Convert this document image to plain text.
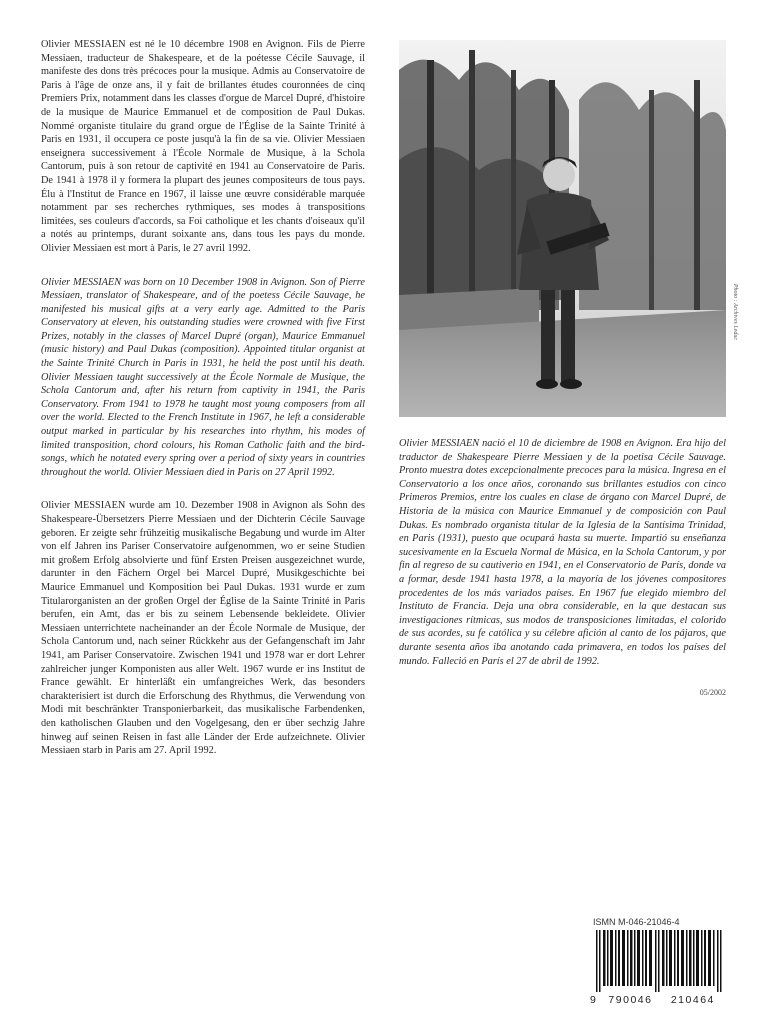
Olivier MESSIAEN est né le 10 décembre 1908 en Avignon. Fils de Pierre Messiaen, traducteur de Shakespeare, et de la poétesse Cécile Sauvage, il manifeste des dons très précoces pour la musique. Admis au Conservatoire de Paris à l'âge de onze ans, il y fait de brillantes études couronnées de cinq Premiers Prix, notamment dans les classes d'orgue de Marcel Dupré, d'histoire de la musique de Maurice Emmanuel et de composition de Paul Dukas. Nommé organiste titulaire du grand orgue de l'Église de la Sainte Trinité à Paris en 1931, il occupera ce poste jusqu'à la fin de sa vie. Olivier Messiaen enseignera successivement à l'École Normale de Musique, à la Schola Cantorum, puis à son retour de captivité en 1941 au Conservatoire de Paris. De 1941 à 1978 il y formera la plupart des jeunes compositeurs de tous pays. Élu à l'Institut de France en 1967, il laisse une œuvre considérable marquée notamment par ses recherches rythmiques, ses modes à transpositions limitées, ses couleurs d'accords, sa Foi catholique et les chants d'oiseaux qu'il a notés au printemps, durant soixante ans, dans tous les pays du monde. Olivier Messiaen est mort à Paris, le 27 avril 1992.

Olivier MESSIAEN was born on 10 December 1908 in Avignon. Son of Pierre Messiaen, translator of Shakespeare, and of the poetess Cécile Sauvage, he manifested his musical gifts at a very early age. Admitted to the Paris Conservatory at eleven, his outstanding studies were crowned with five First Prizes, notably in the classes of Marcel Dupré (organ), Maurice Emmanuel (music history) and Paul Dukas (composition). Appointed titular organist at the Sainte Trinité Church in Paris in 1931, he held the post until his death. Olivier Messiaen taught successively at the École Normale de Musique, the Schola Cantorum and, after his return from captivity in 1941, the Paris Conservatory. From 1941 to 1978 he taught most young composers from all over the world. Elected to the French Institute in 1967, he left a considerable output marked in particular by his researches into rhythm, his modes of limited transposition, chord colours, his Roman Catholic faith and the bird-songs, which he notated every spring over a period of sixty years in countries throughout the world. Olivier Messiaen died in Paris on 27 April 1992.

Olivier MESSIAEN wurde am 10. Dezember 1908 in Avignon als Sohn des Shakespeare-Übersetzers Pierre Messiaen und der Dichterin Cécile Sauvage geboren. Er zeigte sehr frühzeitig musikalische Begabung und wurde im Alter von elf Jahren ins Pariser Conservatoire aufgenommen, wo er seine Studien mit großem Erfolg absolvierte und fünf Ersten Preisen ausgezeichnet wurde, darunter in den Fächern Orgel bei Marcel Dupré, Musikgeschichte bei Maurice Emmanuel und Komposition bei Paul Dukas. 1931 wurde er zum Titularorganisten an der großen Orgel der Église de la Sainte Trinité in Paris berufen, ein Amt, das er bis zu seinem Lebensende bekleidete. Olivier Messiaen unterrichtete nacheinander an der École Normale de Musique, der Schola Cantorum und, nach seiner Rückkehr aus der Gefangenschaft im Jahr 1941, am Pariser Conservatoire. Zwischen 1941 und 1978 war er dort Lehrer zahlreicher junger Komponisten aus aller Welt. 1967 wurde er ins Institut de France gewählt. Er hinterläßt ein umfangreiches Werk, das besonders charakterisiert ist durch die Erforschung des Rhythmus, die Verwendung von Modi mit beschränkter Transponierbarkeit, das musikalische Farbendenken, den katholischen Glauben und den Vogelgesang, den er über sechzig Jahre hinweg auf seinen Reisen in fast alle Länder der Erde aufzeichnete. Olivier Messiaen starb in Paris am 27. April 1992.

Photo : Archives Leduc

Olivier MESSIAEN nació el 10 de diciembre de 1908 en Avignon. Era hijo del traductor de Shakespeare Pierre Messiaen y de la poetisa Cécile Sauvage. Pronto muestra dotes excepcionalmente precoces para la música. Ingresa en el Conservatorio a los once años, coronando sus brillantes estudios con cinco Primeros Premios, entre los cuales en clase de órgano con Marcel Dupré, de Historia de la música con Maurice Emmanuel y de composición con Paul Dukas. Es nombrado organista titular de la Iglesia de la Santísima Trinidad, en Paris (1931), puesto que ocupará hasta su muerte. Impartió su enseñanza sucesivamente en la Escuela Normal de Música, en la Schola Cantorum, y por fin al regreso de su cautiverio en 1941, en el Conservatorio de París, donde va a formar, desde 1941 hasta 1978, a la mayoría de los jóvenes compositores procedentes de los más variados países. En 1967 fue elegido miembro del Instituto de Francia. Deja una obra considerable, en la que destacan sus investigaciones rítmicas, sus modos de transposiciones limitadas, el colorido de sus acordes, su fe católica y su célebre afición al canto de los pájaros, que durante sesenta años iba anotando cada primavera, en todos los países del mundo. Falleció en París el 27 de abril de 1992.

05/2002
ISMN M-046-21046-4
9 790046 210464
